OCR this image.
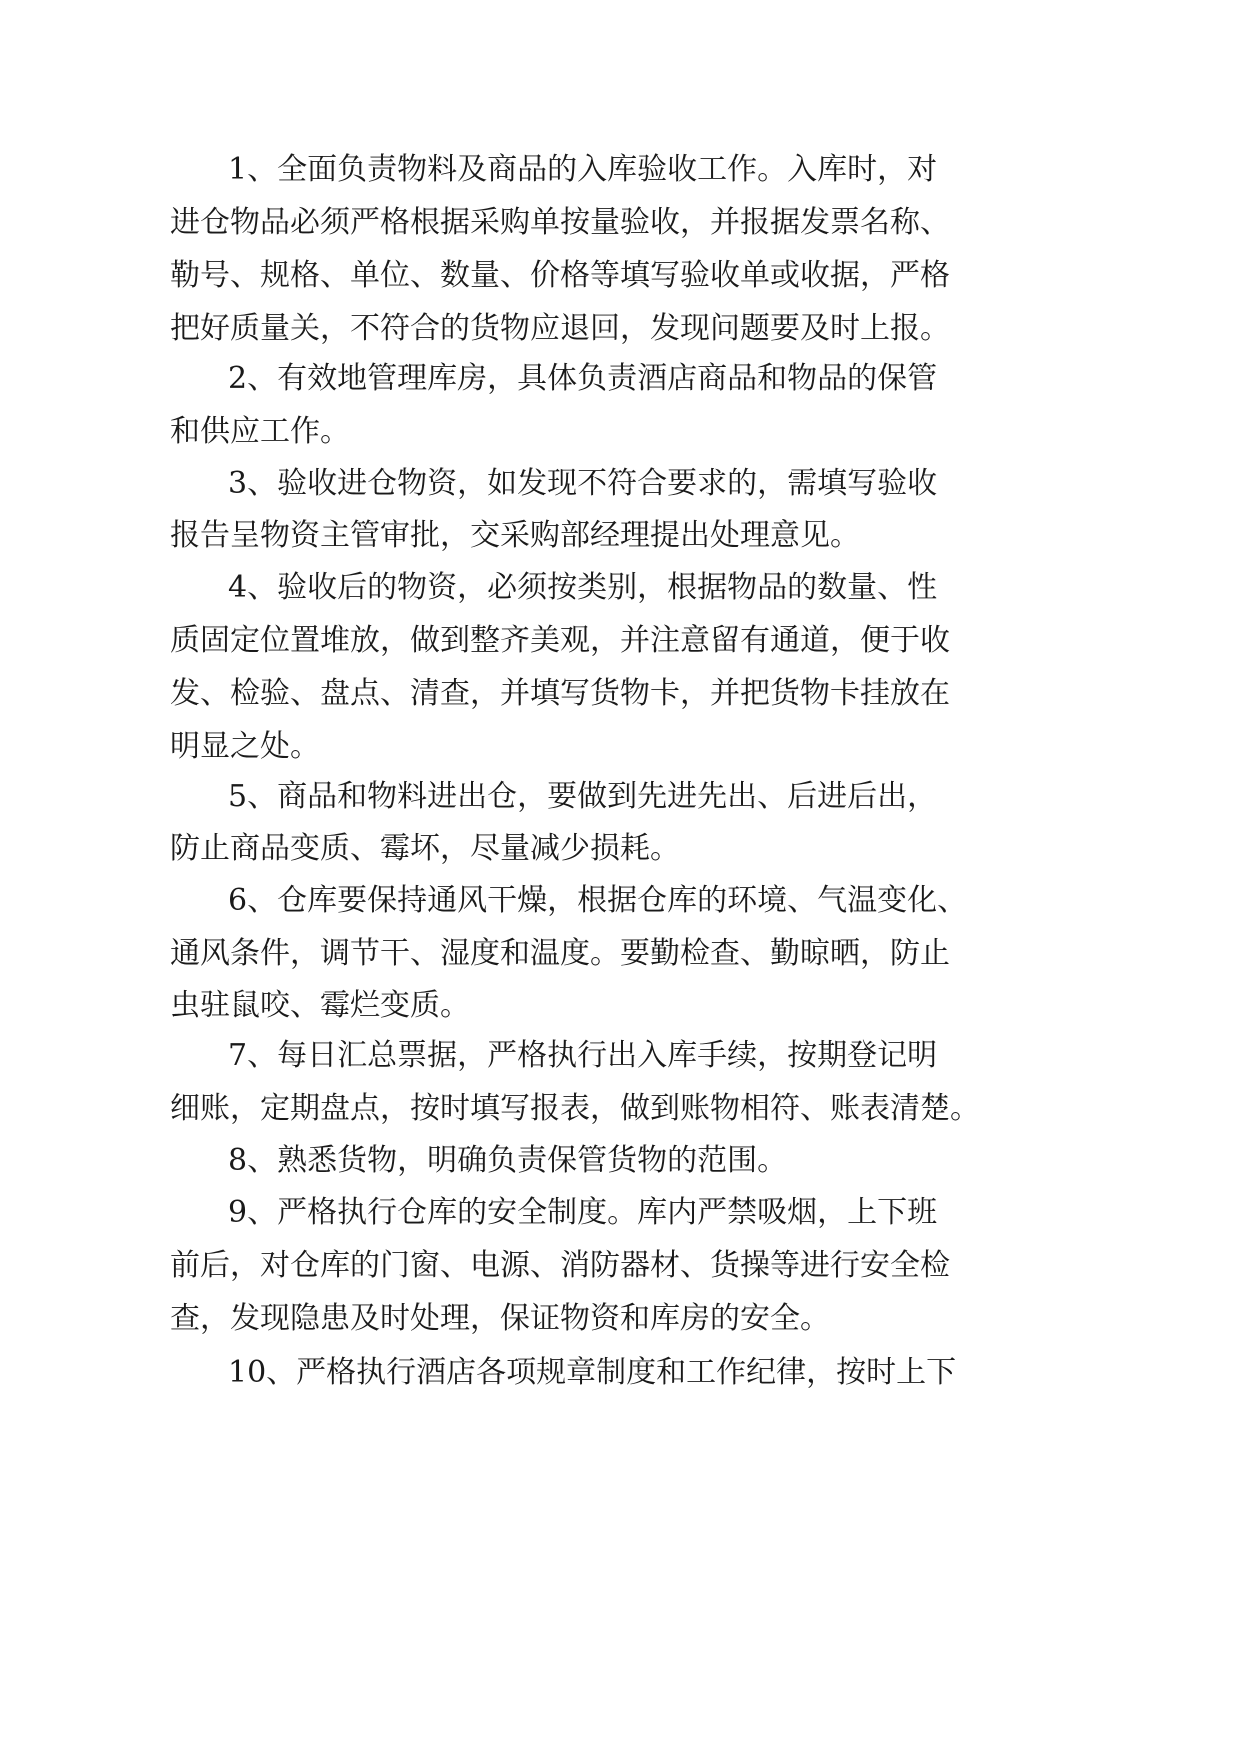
1、全面负责物料及商品的入库验收工作。入库时，对

进仓物品必须严格根据采购单按量验收，并报据发票名称、

勒号、规格、单位、数量、价格等填写验收单或收据，严格

把好质量关，不符合的货物应退回，发现问题要及时上报。

2、有效地管理库房，具体负责酒店商品和物品的保管

和供应工作。

3、验收进仓物资，如发现不符合要求的，需填写验收

报告呈物资主管审批，交采购部经理提出处理意见。

4、验收后的物资，必须按类别，根据物品的数量、性

质固定位置堆放，做到整齐美观，并注意留有通道，便于收

发、检验、盘点、清查，并填写货物卡，并把货物卡挂放在

明显之处。

5、商品和物料进出仓，要做到先进先出、后进后出，

防止商品变质、霉坏，尽量减少损耗。

6、仓库要保持通风干燥，根据仓库的环境、气温变化、

通风条件，调节干、湿度和温度。要勤检查、勤晾晒，防止

虫驻鼠咬、霉烂变质。

7、每日汇总票据，严格执行出入库手续，按期登记明

细账，定期盘点，按时填写报表，做到账物相符、账表清楚。

8、熟悉货物，明确负责保管货物的范围。

9、严格执行仓库的安全制度。库内严禁吸烟，上下班

前后，对仓库的门窗、电源、消防器材、货操等进行安全检

查，发现隐患及时处理，保证物资和库房的安全。

10、严格执行酒店各项规章制度和工作纪律，按时上下
